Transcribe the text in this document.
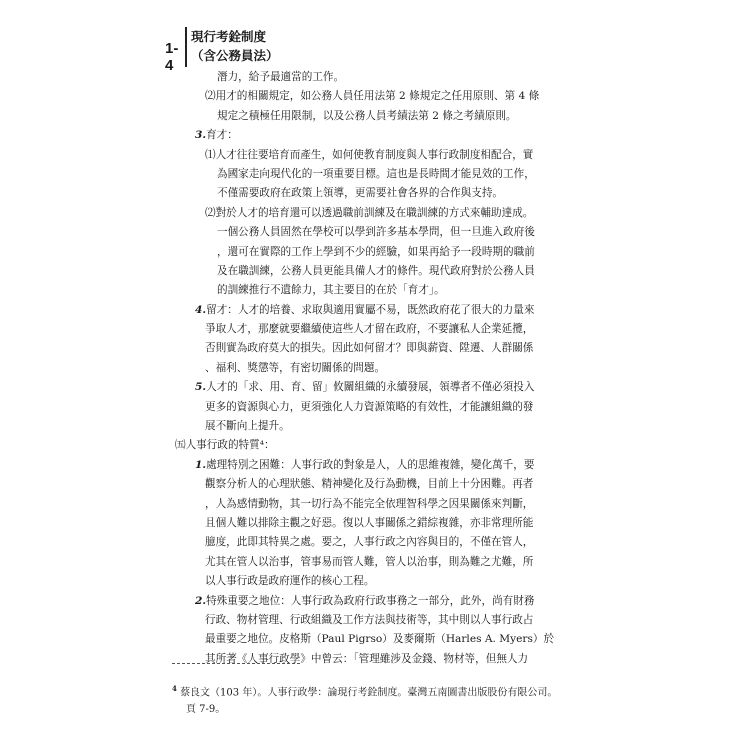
1-4
現行考銓制度
（含公務員法）
潛力，給予最適當的工作。
⑵用才的相關規定，如公務人員任用法第 2 條規定之任用原則、第 4 條
規定之積極任用限制，以及公務人員考績法第 2 條之考績原則。
3.育才：
⑴人才往往要培育而產生，如何使教育制度與人事行政制度相配合，實
為國家走向現代化的一項重要目標。這也是長時間才能見效的工作，
不僅需要政府在政策上領導，更需要社會各界的合作與支持。
⑵對於人才的培育還可以透過職前訓練及在職訓練的方式來輔助達成。
一個公務人員固然在學校可以學到許多基本學問，但一旦進入政府後
，還可在實際的工作上學到不少的經驗，如果再給予一段時期的職前
及在職訓練，公務人員更能具備人才的條件。現代政府對於公務人員
的訓練推行不遺餘力，其主要目的在於「育才」。
4.留才：人才的培養、求取與適用實屬不易，既然政府花了很大的力量來
爭取人才，那麼就要繼續使這些人才留在政府，不要讓私人企業延攬，
否則實為政府莫大的損失。因此如何留才？即與薪資、陞遷、人群關係
、福利、獎懲等，有密切關係的問題。
5.人才的「求、用、育、留」攸關組織的永續發展，領導者不僅必須投入
更多的資源與心力，更須強化人力資源策略的有效性，才能讓組織的發
展不斷向上提升。
㈤人事行政的特質⁴：
1.處理特別之困難：人事行政的對象是人，人的思維複雜，變化萬千，要
觀察分析人的心理狀態、精神變化及行為動機，目前上十分困難。再者
，人為感情動物，其一切行為不能完全依理智科學之因果關係來判斷，
且個人難以排除主觀之好惡。復以人事關係之錯綜複雜，亦非常理所能
臆度，此即其特異之處。要之，人事行政之內容與目的，不僅在管人，
尤其在管人以治事，管事易而管人難，管人以治事，則為難之尤難，所
以人事行政是政府運作的核心工程。
2.特殊重要之地位：人事行政為政府行政事務之一部分，此外，尚有財務
行政、物材管理、行政組織及工作方法與技術等，其中則以人事行政占
最重要之地位。皮格斯（Paul Pigrso）及麥爾斯（Harles A. Myers）於
其所著《人事行政學》中曾云：「管理雖涉及金錢、物材等，但無人力
$^4$ 蔡良文（103 年）。人事行政學：論現行考銓制度。臺灣五南圖書出版股份有限公司。
頁 7-9。
